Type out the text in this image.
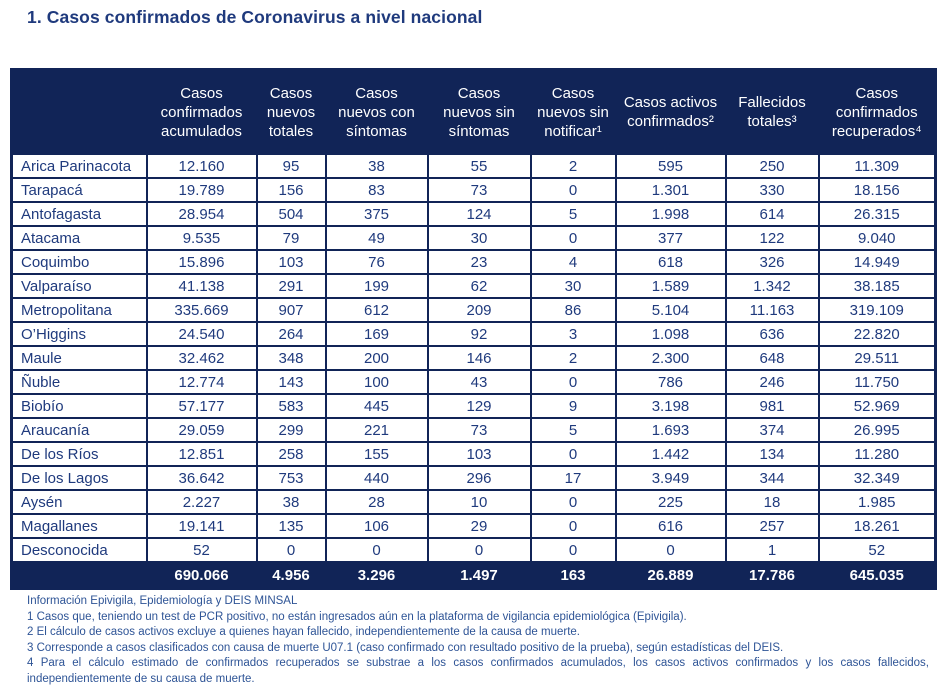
1. Casos confirmados de Coronavirus a nivel nacional
	Casos confirmados acumulados	Casos nuevos totales	Casos nuevos con síntomas	Casos nuevos sin síntomas	Casos nuevos sin notificar¹	Casos activos confirmados²	Fallecidos totales³	Casos confirmados recuperados⁴
Arica Parinacota	12.160	95	38	55	2	595	250	11.309
Tarapacá	19.789	156	83	73	0	1.301	330	18.156
Antofagasta	28.954	504	375	124	5	1.998	614	26.315
Atacama	9.535	79	49	30	0	377	122	9.040
Coquimbo	15.896	103	76	23	4	618	326	14.949
Valparaíso	41.138	291	199	62	30	1.589	1.342	38.185
Metropolitana	335.669	907	612	209	86	5.104	11.163	319.109
O’Higgins	24.540	264	169	92	3	1.098	636	22.820
Maule	32.462	348	200	146	2	2.300	648	29.511
Ñuble	12.774	143	100	43	0	786	246	11.750
Biobío	57.177	583	445	129	9	3.198	981	52.969
Araucanía	29.059	299	221	73	5	1.693	374	26.995
De los Ríos	12.851	258	155	103	0	1.442	134	11.280
De los Lagos	36.642	753	440	296	17	3.949	344	32.349
Aysén	2.227	38	28	10	0	225	18	1.985
Magallanes	19.141	135	106	29	0	616	257	18.261
Desconocida	52	0	0	0	0	0	1	52
	690.066	4.956	3.296	1.497	163	26.889	17.786	645.035
Información Epivigila, Epidemiología y DEIS MINSAL
1 Casos que, teniendo un test de PCR positivo, no están ingresados aún en la plataforma de vigilancia epidemiológica (Epivigila).
2 El cálculo de casos activos excluye a quienes hayan fallecido, independientemente de la causa de muerte.
3 Corresponde a casos clasificados con causa de muerte U07.1 (caso confirmado con resultado positivo de la prueba), según estadísticas del DEIS.
4 Para el cálculo estimado de confirmados recuperados se substrae a los casos confirmados acumulados, los casos activos confirmados y los casos fallecidos, independientemente de su causa de muerte.
